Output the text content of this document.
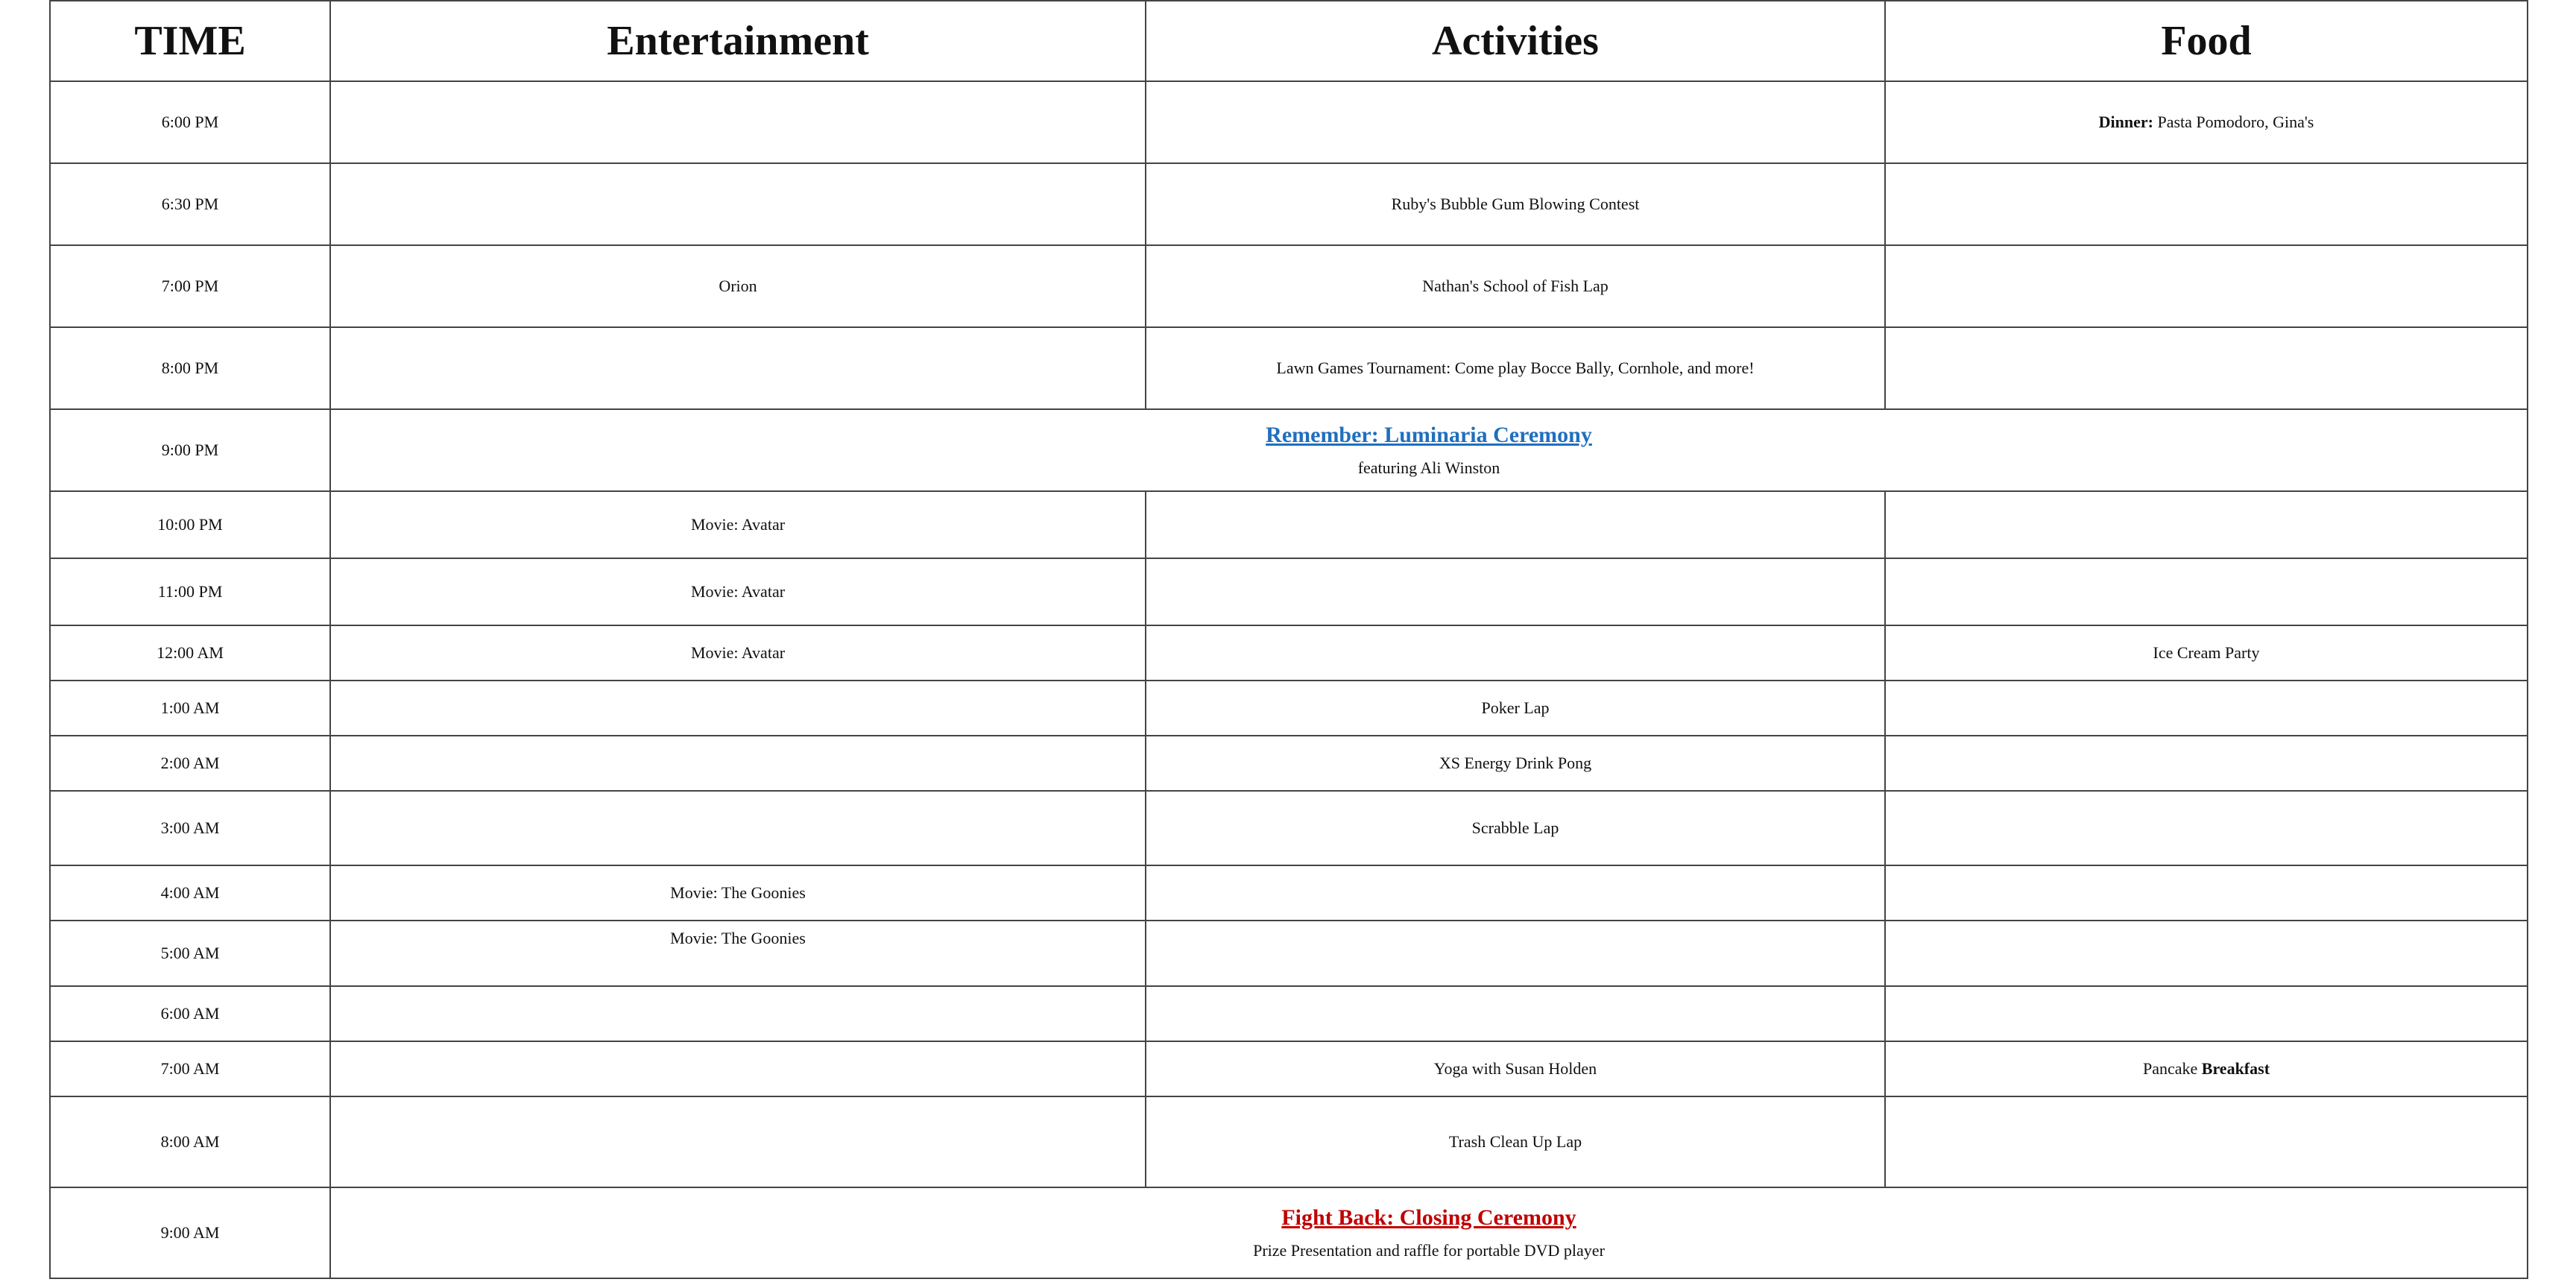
TIME	Entertainment	Activities	Food
6:00 PM			Dinner: Pasta Pomodoro, Gina's
6:30 PM		Ruby's Bubble Gum Blowing Contest	
7:00 PM	Orion	Nathan's School of Fish Lap	
8:00 PM		Lawn Games Tournament: Come play Bocce Bally, Cornhole, and more!	
9:00 PM	Remember: Luminaria Ceremony
featuring Ali Winston		

10:00 PM	Movie: Avatar		
11:00 PM	Movie: Avatar		
12:00 AM	Movie: Avatar		Ice Cream Party
1:00 AM		Poker Lap	
2:00 AM		XS Energy Drink Pong	
3:00 AM		Scrabble Lap	
4:00 AM	Movie: The Goonies		
5:00 AM	Movie: The Goonies		
6:00 AM			
7:00 AM		Yoga with Susan Holden	Pancake Breakfast
8:00 AM		Trash Clean Up Lap	
9:00 AM	Fight Back: Closing Ceremony
Prize Presentation and raffle for portable DVD player		
